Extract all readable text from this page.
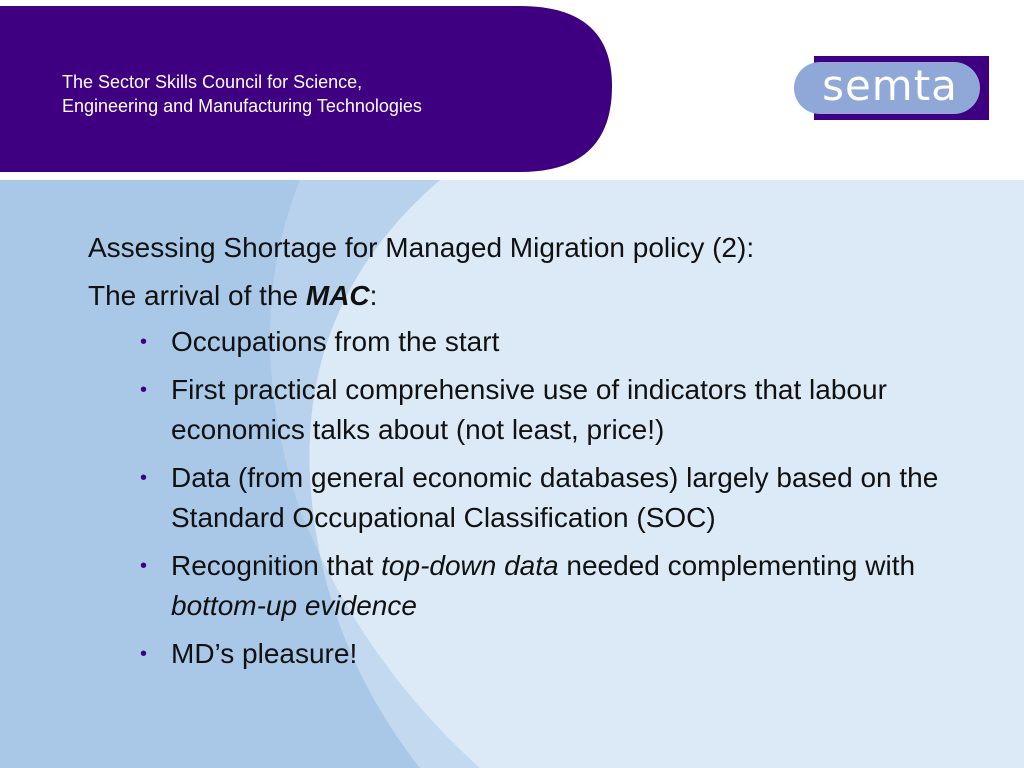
The Sector Skills Council for Science,
Engineering and Manufacturing Technologies	semta

Assessing Shortage for Managed Migration policy (2):

The arrival of the MAC:

• Occupations from the start
• First practical comprehensive use of indicators that labour economics talks about (not least, price!)
• Data (from general economic databases) largely based on the Standard Occupational Classification (SOC)
• Recognition that top-down data needed complementing with bottom-up evidence
• MD’s pleasure!
